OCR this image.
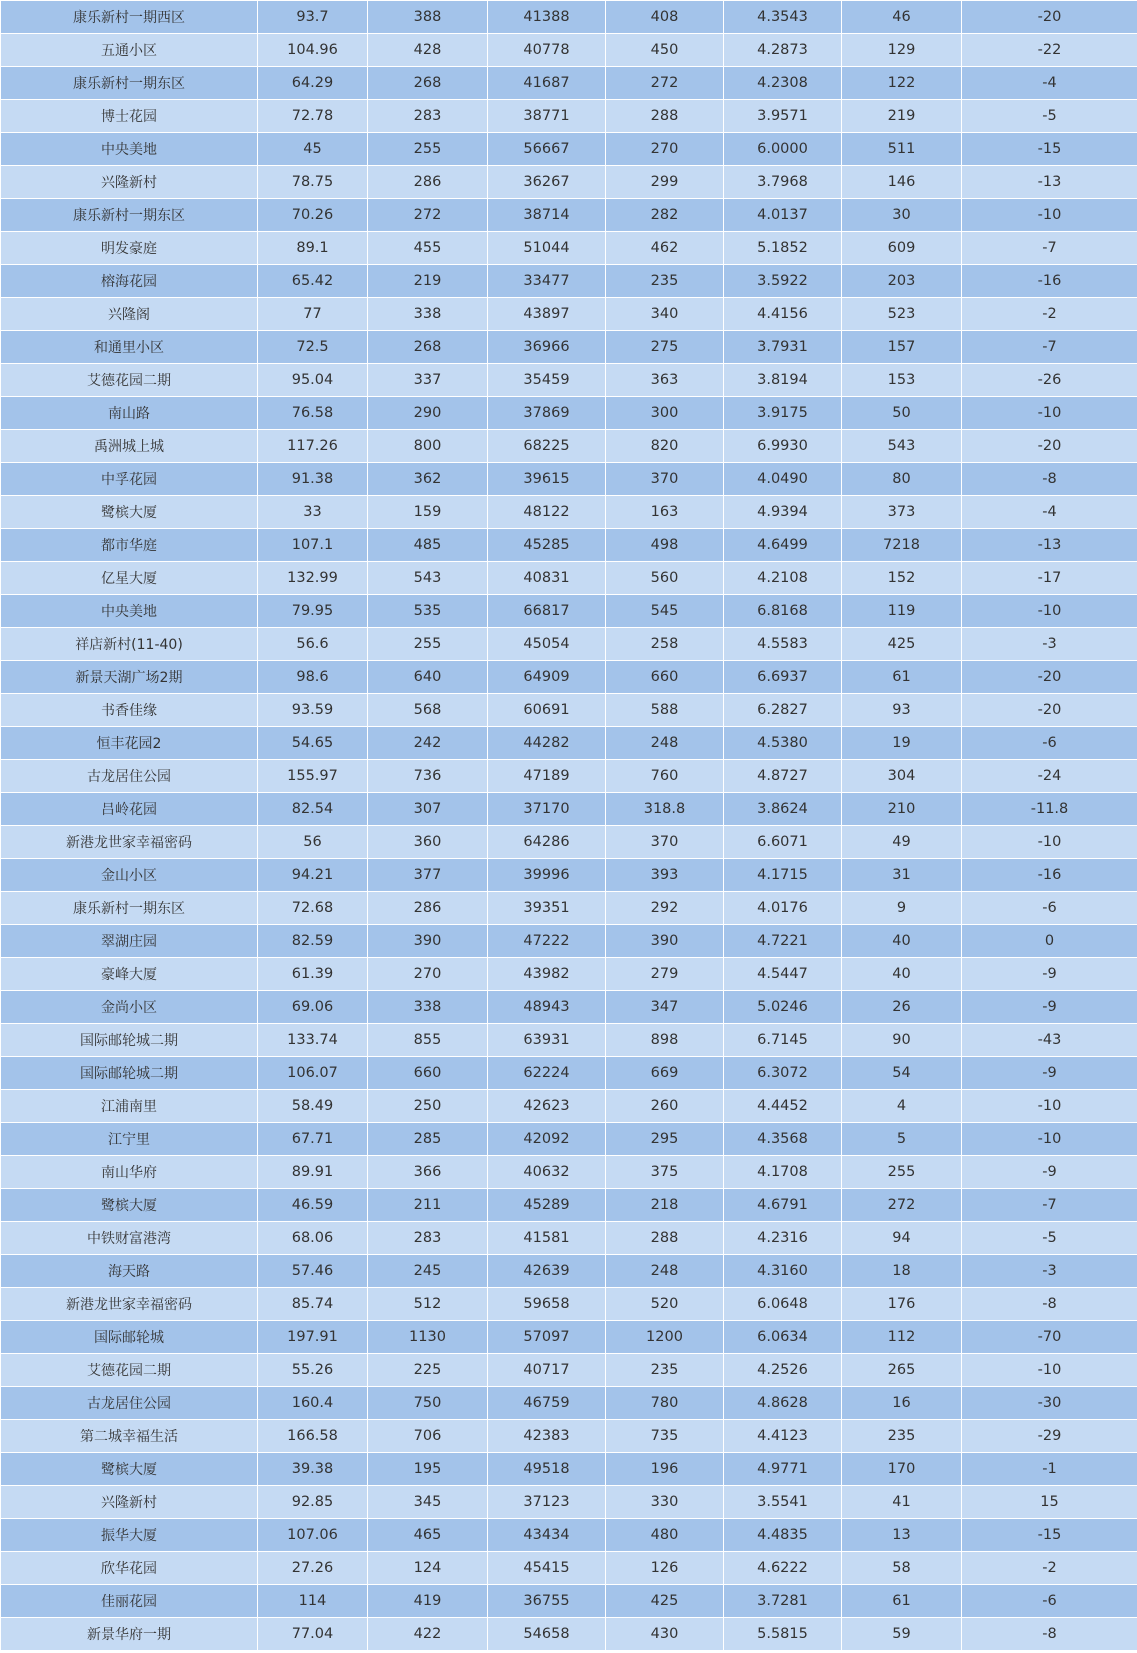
康乐新村一期西区	93.7	388	41388	408	4.3543	46	-20
五通小区	104.96	428	40778	450	4.2873	129	-22
康乐新村一期东区	64.29	268	41687	272	4.2308	122	-4
博士花园	72.78	283	38771	288	3.9571	219	-5
中央美地	45	255	56667	270	6.0000	511	-15
兴隆新村	78.75	286	36267	299	3.7968	146	-13
康乐新村一期东区	70.26	272	38714	282	4.0137	30	-10
明发豪庭	89.1	455	51044	462	5.1852	609	-7
榕海花园	65.42	219	33477	235	3.5922	203	-16
兴隆阁	77	338	43897	340	4.4156	523	-2
和通里小区	72.5	268	36966	275	3.7931	157	-7
艾德花园二期	95.04	337	35459	363	3.8194	153	-26
南山路	76.58	290	37869	300	3.9175	50	-10
禹洲城上城	117.26	800	68225	820	6.9930	543	-20
中孚花园	91.38	362	39615	370	4.0490	80	-8
鹭槟大厦	33	159	48122	163	4.9394	373	-4
都市华庭	107.1	485	45285	498	4.6499	7218	-13
亿星大厦	132.99	543	40831	560	4.2108	152	-17
中央美地	79.95	535	66817	545	6.8168	119	-10
祥店新村(11-40)	56.6	255	45054	258	4.5583	425	-3
新景天湖广场2期	98.6	640	64909	660	6.6937	61	-20
书香佳缘	93.59	568	60691	588	6.2827	93	-20
恒丰花园2	54.65	242	44282	248	4.5380	19	-6
古龙居住公园	155.97	736	47189	760	4.8727	304	-24
吕岭花园	82.54	307	37170	318.8	3.8624	210	-11.8
新港龙世家幸福密码	56	360	64286	370	6.6071	49	-10
金山小区	94.21	377	39996	393	4.1715	31	-16
康乐新村一期东区	72.68	286	39351	292	4.0176	9	-6
翠湖庄园	82.59	390	47222	390	4.7221	40	0
豪峰大厦	61.39	270	43982	279	4.5447	40	-9
金尚小区	69.06	338	48943	347	5.0246	26	-9
国际邮轮城二期	133.74	855	63931	898	6.7145	90	-43
国际邮轮城二期	106.07	660	62224	669	6.3072	54	-9
江浦南里	58.49	250	42623	260	4.4452	4	-10
江宁里	67.71	285	42092	295	4.3568	5	-10
南山华府	89.91	366	40632	375	4.1708	255	-9
鹭槟大厦	46.59	211	45289	218	4.6791	272	-7
中铁财富港湾	68.06	283	41581	288	4.2316	94	-5
海天路	57.46	245	42639	248	4.3160	18	-3
新港龙世家幸福密码	85.74	512	59658	520	6.0648	176	-8
国际邮轮城	197.91	1130	57097	1200	6.0634	112	-70
艾德花园二期	55.26	225	40717	235	4.2526	265	-10
古龙居住公园	160.4	750	46759	780	4.8628	16	-30
第二城幸福生活	166.58	706	42383	735	4.4123	235	-29
鹭槟大厦	39.38	195	49518	196	4.9771	170	-1
兴隆新村	92.85	345	37123	330	3.5541	41	15
振华大厦	107.06	465	43434	480	4.4835	13	-15
欣华花园	27.26	124	45415	126	4.6222	58	-2
佳丽花园	114	419	36755	425	3.7281	61	-6
新景华府一期	77.04	422	54658	430	5.5815	59	-8
